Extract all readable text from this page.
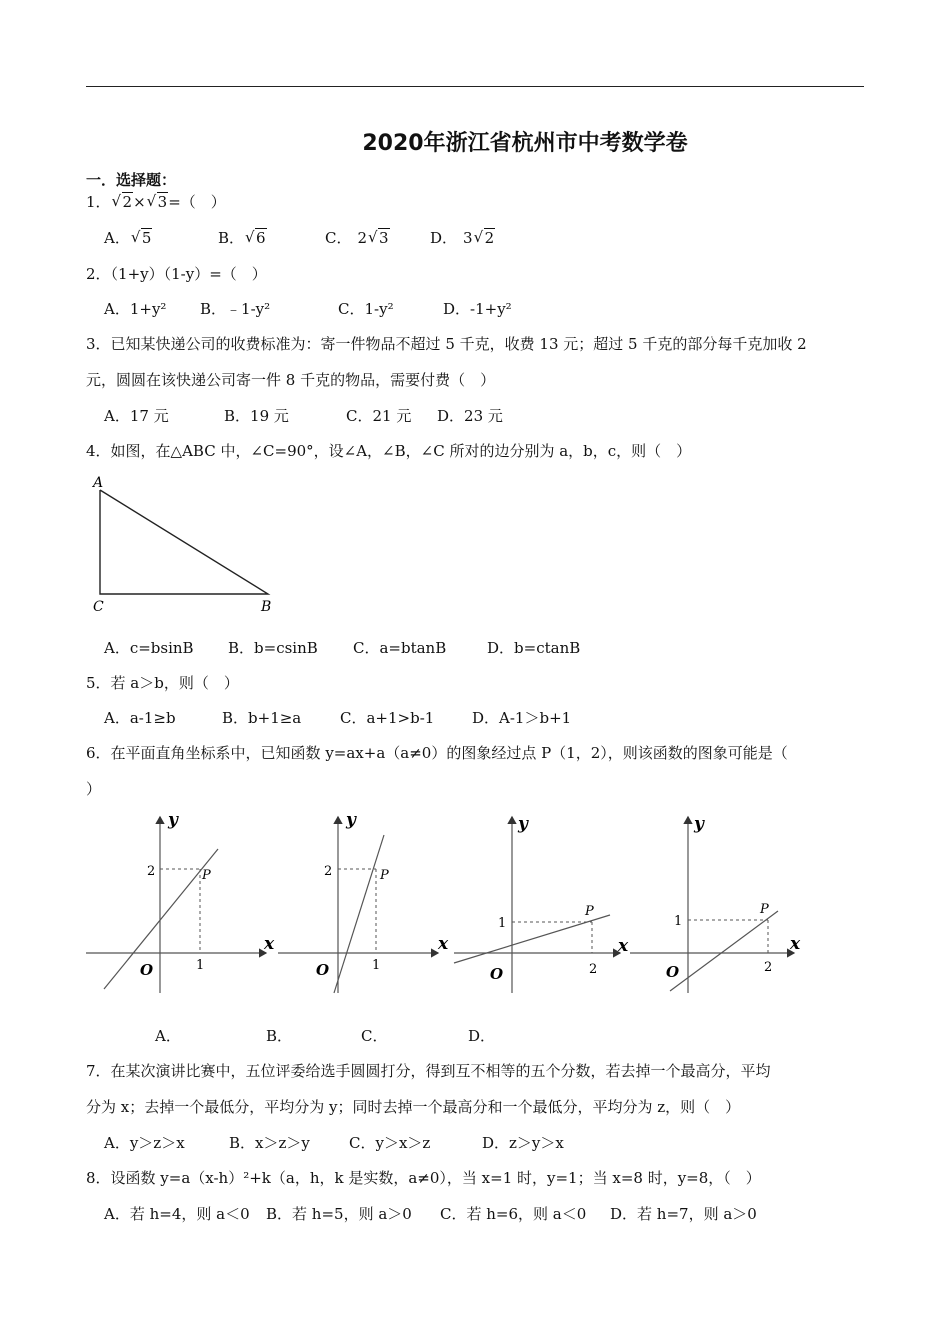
2020年浙江省杭州市中考数学卷
一．选择题：
1． √ 2× √ 3=（　）
A． √ 5	B． √ 6	C． 2 √ 3	D． 3 √ 2
2．（1+y）（1-y）=（　）
A．1+y² B．﹣1-y²	C．1-y²	D．-1+y²
3．已知某快递公司的收费标准为：寄一件物品不超过 5 千克，收费 13 元；超过 5 千克的部分每千克加收 2
元，圆圆在该快递公司寄一件 8 千克的物品，需要付费（　）
A．17 元	B．19 元	C．21 元 D．23 元
4．如图，在△ABC 中，∠C=90°，设∠A，∠B，∠C 所对的边分别为 a，b，c，则（　）
A
C	B
A．c=bsinB B．b=csinB C．a=btanB	D．b=ctanB
5．若 a＞b，则（　）
A．a-1≥b	B．b+1≥a	C．a+1>b-1	D．A-1＞b+1
6．在平面直角坐标系中，已知函数 y=ax+a（a≠0）的图象经过点 P（1，2），则该函数的图象可能是（
）
y
x
O
P
2
1
y
x
O
P
2
1
y
x
O
P
1
2
y
x
O
P
1
2
A．	B．	C．	D．
7．在某次演讲比赛中，五位评委给选手圆圆打分，得到互不相等的五个分数，若去掉一个最高分，平均
分为 x；去掉一个最低分，平均分为 y；同时去掉一个最高分和一个最低分，平均分为 z，则（　）
A．y＞z＞x	B．x＞z＞y	C．y＞x＞z	D．z＞y＞x
8．设函数 y=a（x-h）²+k（a，h，k 是实数，a≠0），当 x=1 时，y=1；当 x=8 时，y=8，（　）
A．若 h=4，则 a＜0 B．若 h=5，则 a＞0 C．若 h=6，则 a＜0 D．若 h=7，则 a＞0
